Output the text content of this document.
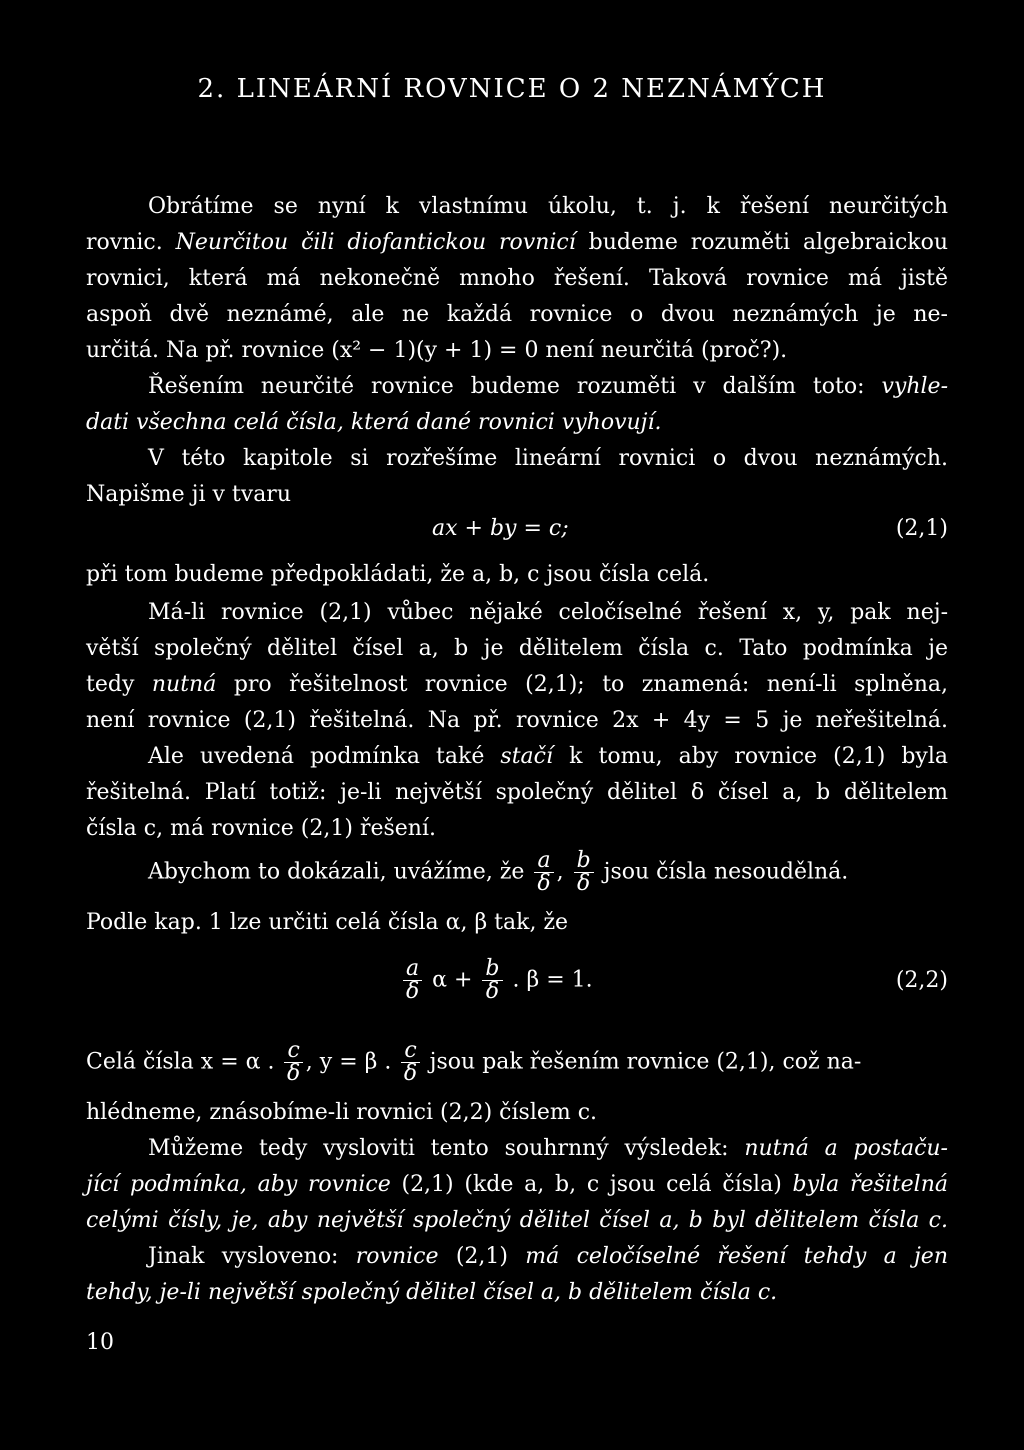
2. LINEÁRNÍ ROVNICE O 2 NEZNÁMÝCH
Obrátíme se nyní k vlastnímu úkolu, t. j. k řešení neurčitých
rovnic. Neurčitou čili diofantickou rovnicí budeme rozuměti algebraickou
rovnici, která má nekonečně mnoho řešení. Taková rovnice má jistě
aspoň dvě neznámé, ale ne každá rovnice o dvou neznámých je ne-
určitá. Na př. rovnice (x² − 1)(y + 1) = 0 není neurčitá (proč?).
Řešením neurčité rovnice budeme rozuměti v dalším toto: vyhle-
dati všechna celá čísla, která dané rovnici vyhovují.
V této kapitole si rozřešíme lineární rovnici o dvou neznámých.
Napišme ji v tvaru
ax + by = c;	(2,1)
při tom budeme předpokládati, že a, b, c jsou čísla celá.
Má-li rovnice (2,1) vůbec nějaké celočíselné řešení x, y, pak nej-
větší společný dělitel čísel a, b je dělitelem čísla c. Tato podmínka je
tedy nutná pro řešitelnost rovnice (2,1); to znamená: není-li splněna,
není rovnice (2,1) řešitelná. Na př. rovnice 2x + 4y = 5 je neřešitelná.
Ale uvedená podmínka také stačí k tomu, aby rovnice (2,1) byla
řešitelná. Platí totiž: je-li největší společný dělitel δ čísel a, b dělitelem
čísla c, má rovnice (2,1) řešení.
Abychom to dokázali, uvážíme, že $\frac{a}{\delta}$ , $\frac{b}{\delta}$ jsou čísla nesoudělná.
Podle kap. 1 lze určiti celá čísla α, β tak, že
$\frac{a}{\delta}$ $\alpha + \frac{b}{\delta}$ . β = 1.	(2,2)
Celá čísla x = α . $\frac{c}{\delta}$ , y = β . $\frac{c}{\delta}$ jsou pak řešením rovnice (2,1), což na-
hlédneme, znásobíme-li rovnici (2,2) číslem c.
Můžeme tedy vysloviti tento souhrnný výsledek: nutná a postaču-
jící podmínka, aby rovnice (2,1) (kde a, b, c jsou celá čísla) byla řešitelná
celými čísly, je, aby největší společný dělitel čísel a, b byl dělitelem čísla c.
Jinak vysloveno: rovnice (2,1) má celočíselné řešení tehdy a jen
tehdy, je-li největší společný dělitel čísel a, b dělitelem čísla c.
10
